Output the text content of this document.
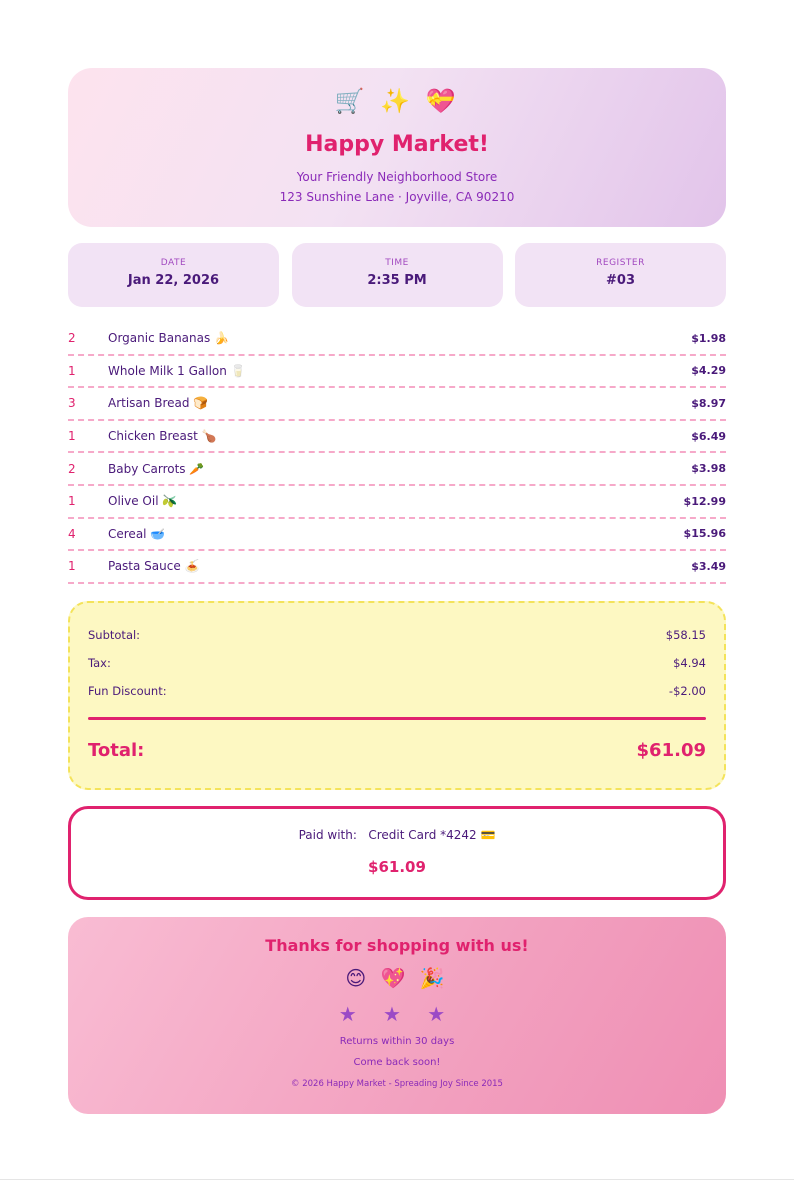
🛒 ✨ 💝
Happy Market!
Your Friendly Neighborhood Store
123 Sunshine Lane · Joyville, CA 90210
DATE
Jan 22, 2026
TIME
2:35 PM
REGISTER
#03
2	Organic Bananas 🍌	$1.98
1	Whole Milk 1 Gallon 🥛	$4.29
3	Artisan Bread 🍞	$8.97
1	Chicken Breast 🍗	$6.49
2	Baby Carrots 🥕	$3.98
1	Olive Oil 🫒	$12.99
4	Cereal 🥣	$15.96
1	Pasta Sauce 🍝	$3.49
Subtotal:	$58.15
Tax:	$4.94
Fun Discount:	-$2.00
Total:	$61.09
Paid with: Credit Card *4242 💳
$61.09
Thanks for shopping with us!
😊 💖 🎉
★ ★ ★
Returns within 30 days
Come back soon!
© 2026 Happy Market - Spreading Joy Since 2015
